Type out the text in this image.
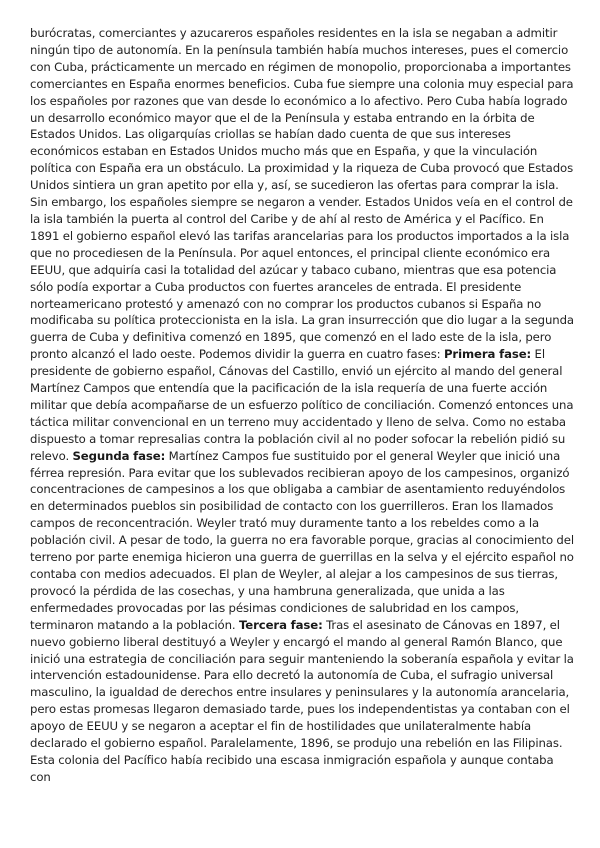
burócratas, comerciantes y azucareros españoles residentes en la isla se negaban a admitir ningún tipo de autonomía. En la península también había muchos intereses, pues el comercio con Cuba, prácticamente un mercado en régimen de monopolio, proporcionaba a importantes comerciantes en España enormes beneficios. Cuba fue siempre una colonia muy especial para los españoles por razones que van desde lo económico a lo afectivo. Pero Cuba había logrado un desarrollo económico mayor que el de la Península y estaba entrando en la órbita de Estados Unidos. Las oligarquías criollas se habían dado cuenta de que sus intereses económicos estaban en Estados Unidos mucho más que en España, y que la vinculación política con España era un obstáculo. La proximidad y la riqueza de Cuba provocó que Estados Unidos sintiera un gran apetito por ella y, así, se sucedieron las ofertas para comprar la isla. Sin embargo, los españoles siempre se negaron a vender. Estados Unidos veía en el control de la isla también la puerta al control del Caribe y de ahí al resto de América y el Pacífico. En 1891 el gobierno español elevó las tarifas arancelarias para los productos importados a la isla que no procediesen de la Península. Por aquel entonces, el principal cliente económico era EEUU, que adquiría casi la totalidad del azúcar y tabaco cubano, mientras que esa potencia sólo podía exportar a Cuba productos con fuertes aranceles de entrada. El presidente norteamericano protestó y amenazó con no comprar los productos cubanos si España no modificaba su política proteccionista en la isla. La gran insurrección que dio lugar a la segunda guerra de Cuba y definitiva comenzó en 1895, que comenzó en el lado este de la isla, pero pronto alcanzó el lado oeste. Podemos dividir la guerra en cuatro fases: Primera fase: El presidente de gobierno español, Cánovas del Castillo, envió un ejército al mando del general Martínez Campos que entendía que la pacificación de la isla requería de una fuerte acción militar que debía acompañarse de un esfuerzo político de conciliación. Comenzó entonces una táctica militar convencional en un terreno muy accidentado y lleno de selva. Como no estaba dispuesto a tomar represalias contra la población civil al no poder sofocar la rebelión pidió su relevo. Segunda fase: Martínez Campos fue sustituido por el general Weyler que inició una férrea represión. Para evitar que los sublevados recibieran apoyo de los campesinos, organizó concentraciones de campesinos a los que obligaba a cambiar de asentamiento reduyéndolos en determinados pueblos sin posibilidad de contacto con los guerrilleros. Eran los llamados campos de reconcentración. Weyler trató muy duramente tanto a los rebeldes como a la población civil. A pesar de todo, la guerra no era favorable porque, gracias al conocimiento del terreno por parte enemiga hicieron una guerra de guerrillas en la selva y el ejército español no contaba con medios adecuados. El plan de Weyler, al alejar a los campesinos de sus tierras, provocó la pérdida de las cosechas, y una hambruna generalizada, que unida a las enfermedades provocadas por las pésimas condiciones de salubridad en los campos, terminaron matando a la población. Tercera fase: Tras el asesinato de Cánovas en 1897, el nuevo gobierno liberal destituyó a Weyler y encargó el mando al general Ramón Blanco, que inició una estrategia de conciliación para seguir manteniendo la soberanía española y evitar la intervención estadounidense. Para ello decretó la autonomía de Cuba, el sufragio universal masculino, la igualdad de derechos entre insulares y peninsulares y la autonomía arancelaria, pero estas promesas llegaron demasiado tarde, pues los independentistas ya contaban con el apoyo de EEUU y se negaron a aceptar el fin de hostilidades que unilateralmente había declarado el gobierno español. Paralelamente, 1896, se produjo una rebelión en las Filipinas. Esta colonia del Pacífico había recibido una escasa inmigración española y aunque contaba con
